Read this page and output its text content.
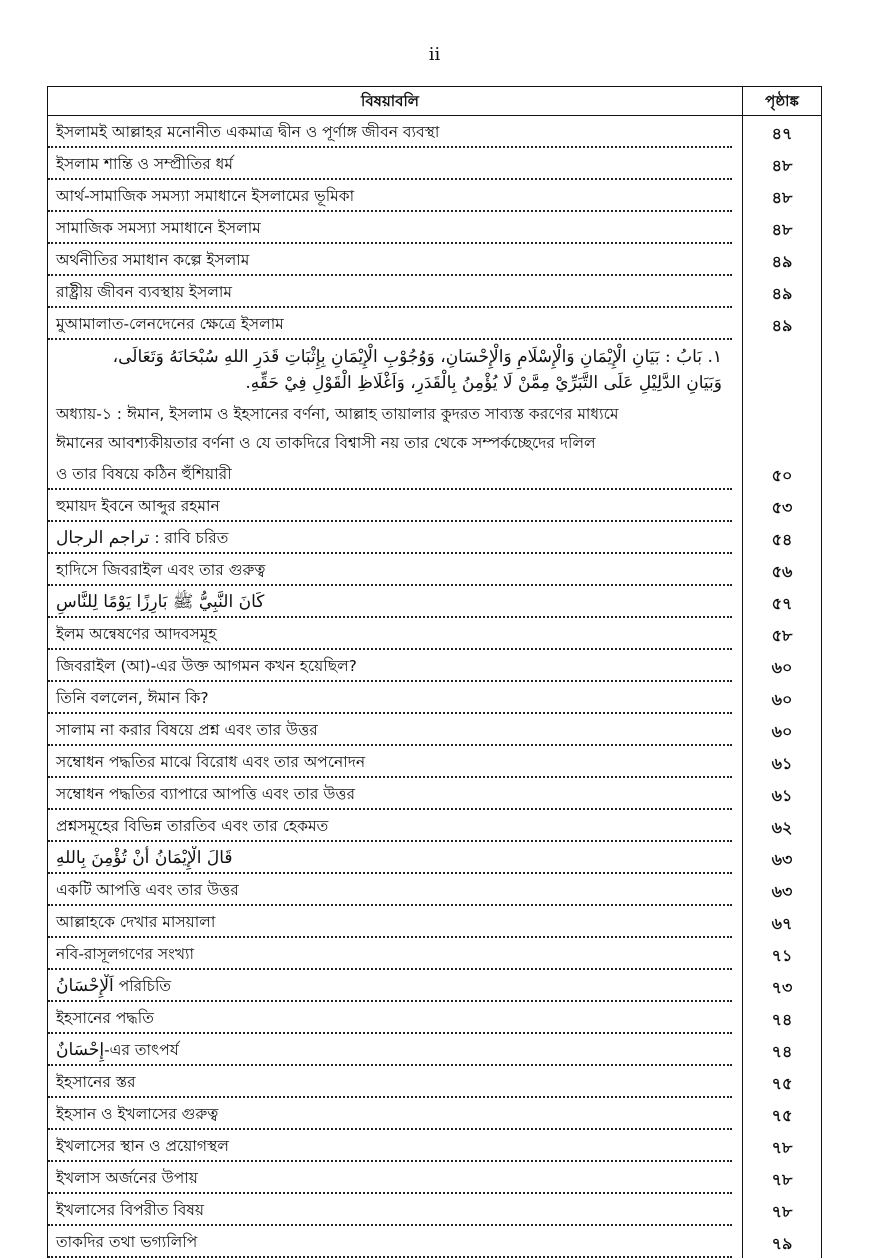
ii
বিষয়াবলি	পৃষ্ঠাঙ্ক
ইসলামই আল্লাহর মনোনীত একমাত্র দ্বীন ও পূর্ণাঙ্গ জীবন ব্যবস্থা	৪৭
ইসলাম শান্তি ও সম্প্রীতির ধর্ম	৪৮
আর্থ-সামাজিক সমস্যা সমাধানে ইসলামের ভূমিকা	৪৮
সামাজিক সমস্যা সমাধানে ইসলাম	৪৮
অর্থনীতির সমাধান কল্পে ইসলাম	৪৯
রাষ্ট্রীয় জীবন ব্যবস্থায় ইসলাম	৪৯
মুআমালাত-লেনদেনের ক্ষেত্রে ইসলাম	৪৯
١. بَابُ : بَيَانِ الْإِيْمَانِ وَالْإِسْلَامِ وَالْإِحْسَانِ، وَوُجُوْبِ الْإِيْمَانِ بِإِثْبَاتِ قَدَرِ اللهِ سُبْحَانَهُ وَتَعَالَى،
وَبَيَانِ الدَّلِيْلِ عَلَى التَّبَرِّيْ مِمَّنْ لَا يُؤْمِنُ بِالْقَدَرِ، وَاَغْلَاظِ الْقَوْلِ فِيْ حَقِّهِ.
অধ্যায়-১ : ঈমান, ইসলাম ও ইহসানের বর্ণনা, আল্লাহ তায়ালার কুদরত সাব্যস্ত করণের মাধ্যমে
ঈমানের আবশ্যকীয়তার বর্ণনা ও যে তাকদিরে বিশ্বাসী নয় তার থেকে সম্পর্কচ্ছেদের দলিল
ও তার বিষয়ে কঠিন হুঁশিয়ারী	৫০
হুমায়দ ইবনে আব্দুর রহমান	৫৩
تراجم الرجال : রাবি চরিত	৫৪
হাদিসে জিবরাইল এবং তার গুরুত্ব	৫৬
كَانَ النَّبِيُّ ﷺ بَارِزًا يَوْمًا لِلنَّاسِ	৫৭
ইলম অন্বেষণের আদবসমূহ	৫৮
জিবরাইল (আ)-এর উক্ত আগমন কখন হয়েছিল?	৬০
তিনি বললেন, ঈমান কি?	৬০
সালাম না করার বিষয়ে প্রশ্ন এবং তার উত্তর	৬০
সম্বোধন পদ্ধতির মাঝে বিরোধ এবং তার অপনোদন	৬১
সম্বোধন পদ্ধতির ব্যাপারে আপত্তি এবং তার উত্তর	৬১
প্রশ্নসমূহের বিভিন্ন তারতিব এবং তার হেকমত	৬২
قَالَ الْإِيْمَانُ أَنْ تُؤْمِنَ بِاللهِ	৬৩
একটি আপত্তি এবং তার উত্তর	৬৩
আল্লাহকে দেখার মাসয়ালা	৬৭
নবি-রাসূলগণের সংখ্যা	৭১
اَلْإِحْسَانُ পরিচিতি	৭৩
ইহসানের পদ্ধতি	৭৪
إِحْسَانٌ-এর তাৎপর্য	৭৪
ইহসানের স্তর	৭৫
ইহসান ও ইখলাসের গুরুত্ব	৭৫
ইখলাসের স্থান ও প্রয়োগস্থল	৭৮
ইখলাস অর্জনের উপায়	৭৮
ইখলাসের বিপরীত বিষয়	৭৮
তাকদির তথা ভগ্যলিপি	৭৯
